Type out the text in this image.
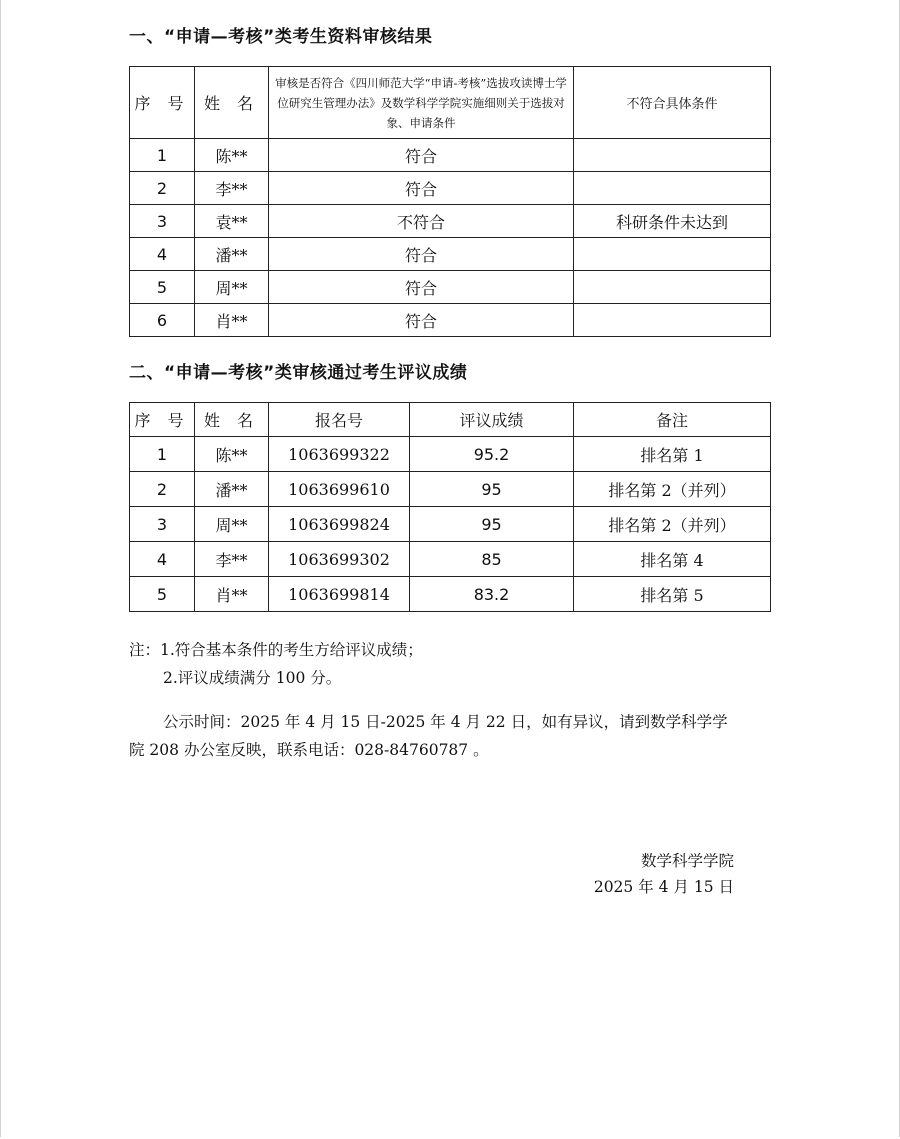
一、“申请—考核”类考生资料审核结果
序 号	姓 名	审核是否符合《四川师范大学“申请-考核”选拔攻读博士学位研究生管理办法》及数学科学学院实施细则关于选拔对象、申请条件	不符合具体条件
1	陈**	符合	
2	李**	符合	
3	袁**	不符合	科研条件未达到
4	潘**	符合	
5	周**	符合	
6	肖**	符合	
二、“申请—考核”类审核通过考生评议成绩
序 号	姓 名	报名号	评议成绩	备注
1	陈**	1063699322	95.2	排名第 1
2	潘**	1063699610	95	排名第 2（并列）
3	周**	1063699824	95	排名第 2（并列）
4	李**	1063699302	85	排名第 4
5	肖**	1063699814	83.2	排名第 5
注：1.符合基本条件的考生方给评议成绩；
2.评议成绩满分 100 分。
公示时间：2025 年 4 月 15 日-2025 年 4 月 22 日，如有异议，请到数学科学学院 208 办公室反映，联系电话：028-84760787 。
数学科学学院
2025 年 4 月 15 日
